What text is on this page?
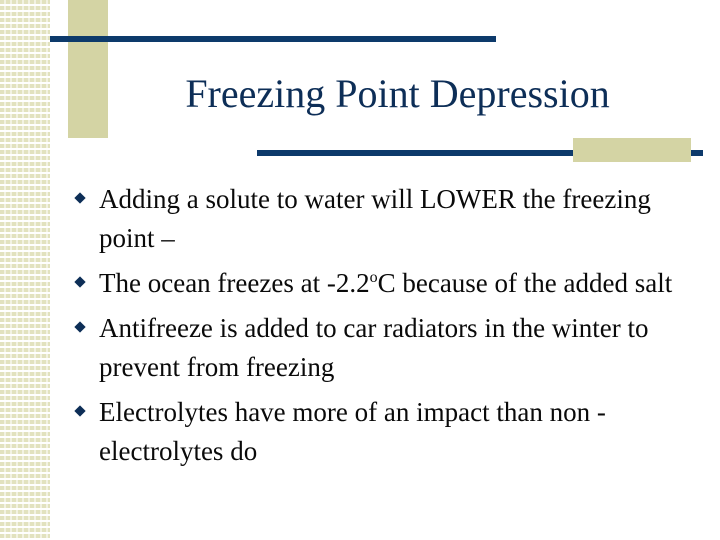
Freezing Point Depression
Adding a solute to water will LOWER the freezing point –
The ocean freezes at -2.2$^o$C because of the added salt
Antifreeze is added to car radiators in the winter to prevent from freezing
Electrolytes have more of an impact than non -electrolytes do
